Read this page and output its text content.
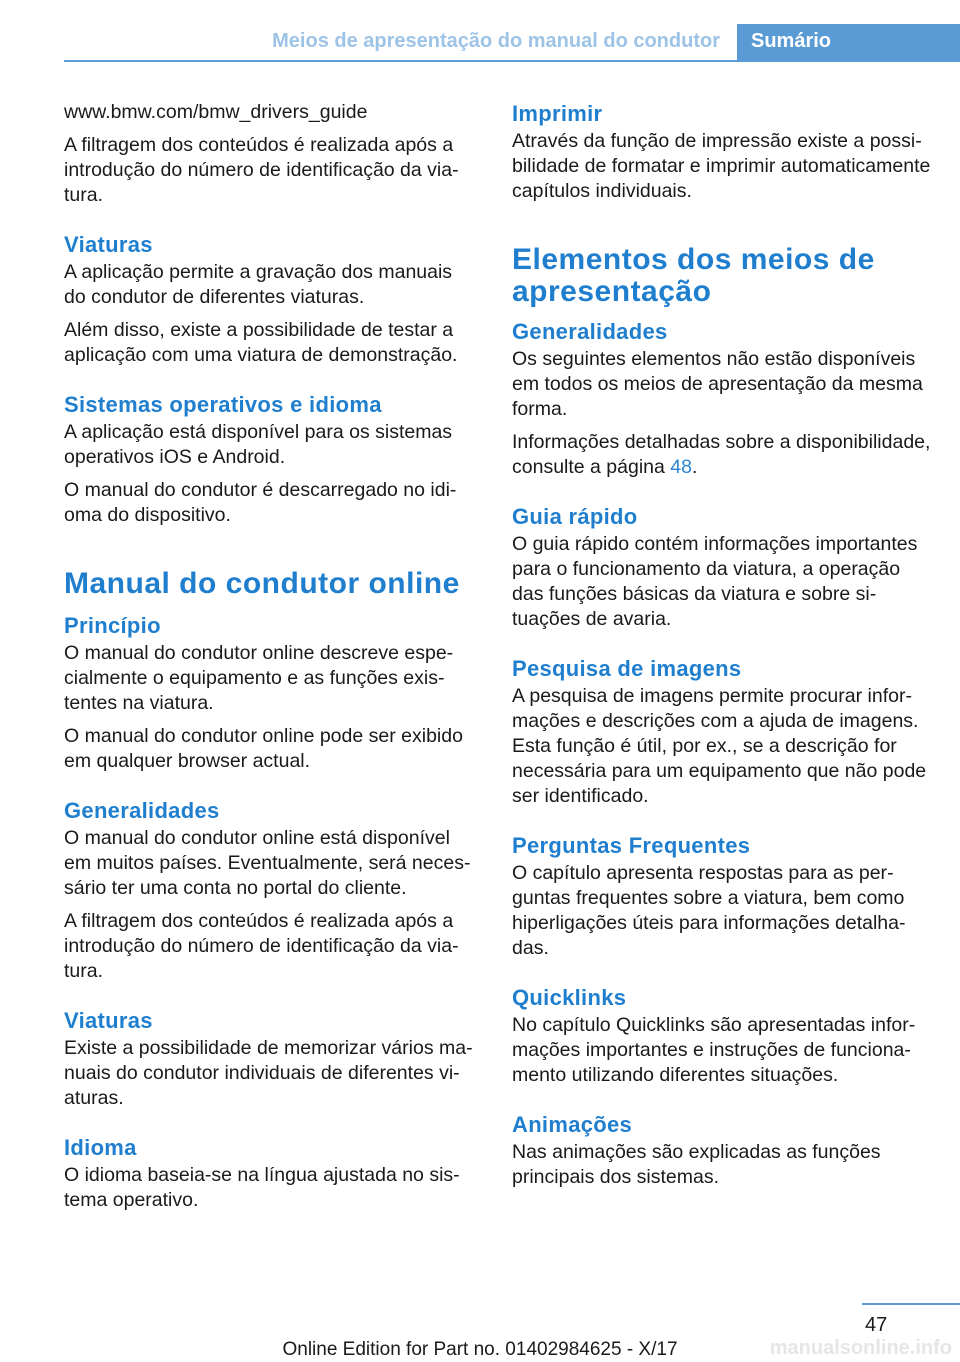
Meios de apresentação do manual do condutor	Sumário

www.bmw.com/bmw_drivers_guide

A filtragem dos conteúdos é realizada após a introdução do número de identificação da viatura.

Viaturas

A aplicação permite a gravação dos manuais do condutor de diferentes viaturas.

Além disso, existe a possibilidade de testar a aplicação com uma viatura de demonstração.

Sistemas operativos e idioma

A aplicação está disponível para os sistemas operativos iOS e Android.

O manual do condutor é descarregado no idioma do dispositivo.

Manual do condutor online
Princípio

O manual do condutor online descreve especialmente o equipamento e as funções existentes na viatura.

O manual do condutor online pode ser exibido em qualquer browser actual.

Generalidades

O manual do condutor online está disponível em muitos países. Eventualmente, será necessário ter uma conta no portal do cliente.

A filtragem dos conteúdos é realizada após a introdução do número de identificação da viatura.

Viaturas

Existe a possibilidade de memorizar vários manuais do condutor individuais de diferentes viaturas.

Idioma

O idioma baseia-se na língua ajustada no sistema operativo.

Imprimir

Através da função de impressão existe a possibilidade de formatar e imprimir automaticamente capítulos individuais.

Elementos dos meios de apresentação
Generalidades

Os seguintes elementos não estão disponíveis em todos os meios de apresentação da mesma forma.

Informações detalhadas sobre a disponibilidade, consulte a página 48.

Guia rápido

O guia rápido contém informações importantes para o funcionamento da viatura, a operação das funções básicas da viatura e sobre situações de avaria.

Pesquisa de imagens

A pesquisa de imagens permite procurar informações e descrições com a ajuda de imagens. Esta função é útil, por ex., se a descrição for necessária para um equipamento que não pode ser identificado.

Perguntas Frequentes

O capítulo apresenta respostas para as perguntas frequentes sobre a viatura, bem como hiperligações úteis para informações detalhadas.

Quicklinks

No capítulo Quicklinks são apresentadas informações importantes e instruções de funcionamento utilizando diferentes situações.

Animações

Nas animações são explicadas as funções principais dos sistemas.

47
manualsonline.info
Online Edition for Part no. 01402984625 - X/17
